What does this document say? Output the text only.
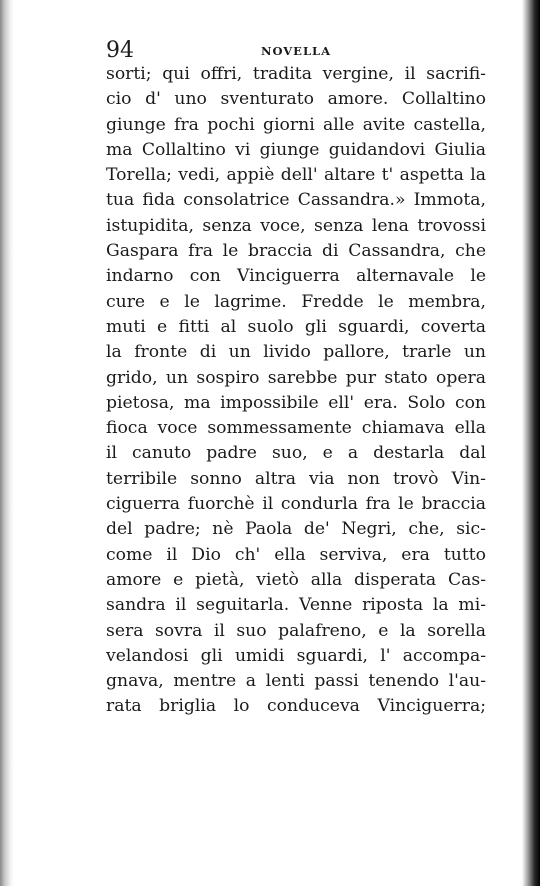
94	NOVELLA
sorti; qui offri, tradita vergine, il sacrifi-
cio d' uno sventurato amore. Collaltino
giunge fra pochi giorni alle avite castella,
ma Collaltino vi giunge guidandovi Giulia
Torella; vedi, appiè dell' altare t' aspetta la
tua fida consolatrice Cassandra.» Immota,
istupidita, senza voce, senza lena trovossi
Gaspara fra le braccia di Cassandra, che
indarno con Vinciguerra alternavale le
cure e le lagrime. Fredde le membra,
muti e fitti al suolo gli sguardi, coverta
la fronte di un livido pallore, trarle un
grido, un sospiro sarebbe pur stato opera
pietosa, ma impossibile ell' era. Solo con
fioca voce sommessamente chiamava ella
il canuto padre suo, e a destarla dal
terribile sonno altra via non trovò Vin-
ciguerra fuorchè il condurla fra le braccia
del padre; nè Paola de' Negri, che, sic-
come il Dio ch' ella serviva, era tutto
amore e pietà, vietò alla disperata Cas-
sandra il seguitarla. Venne riposta la mi-
sera sovra il suo palafreno, e la sorella
velandosi gli umidi sguardi, l' accompa-
gnava, mentre a lenti passi tenendo l'au-
rata briglia lo conduceva Vinciguerra;
